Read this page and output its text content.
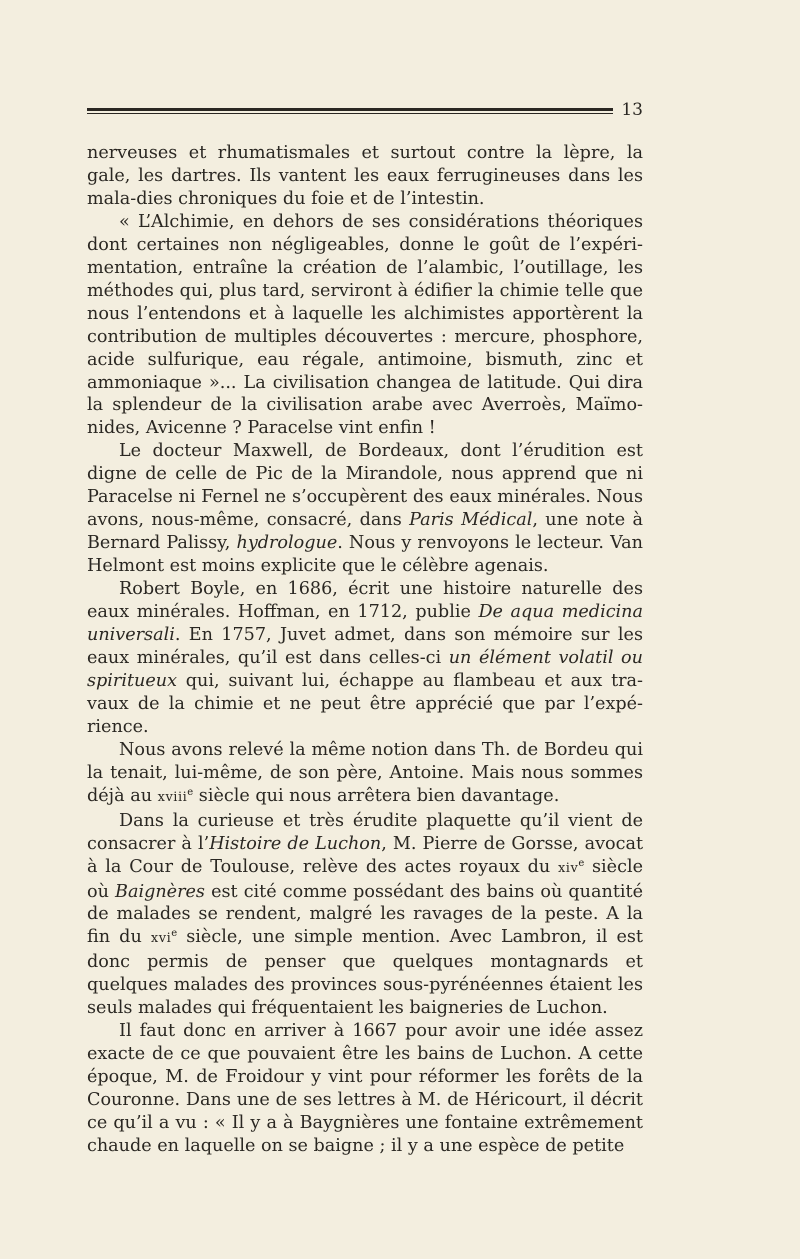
13

nerveuses et rhumatismales et surtout contre la lèpre, la gale, les dartres. Ils vantent les eaux ferrugineuses dans les mala-dies chroniques du foie et de l’intestin.

« L’Alchimie, en dehors de ses considérations théoriques dont certaines non négligeables, donne le goût de l’expéri-mentation, entraîne la création de l’alambic, l’outillage, les méthodes qui, plus tard, serviront à édifier la chimie telle que nous l’entendons et à laquelle les alchimistes apportèrent la contribution de multiples découvertes : mercure, phosphore, acide sulfurique, eau régale, antimoine, bismuth, zinc et ammoniaque »... La civilisation changea de latitude. Qui dira la splendeur de la civilisation arabe avec Averroès, Maïmo-nides, Avicenne ? Paracelse vint enfin !

Le docteur Maxwell, de Bordeaux, dont l’érudition est digne de celle de Pic de la Mirandole, nous apprend que ni Paracelse ni Fernel ne s’occupèrent des eaux minérales. Nous avons, nous-même, consacré, dans Paris Médical, une note à Bernard Palissy, hydrologue. Nous y renvoyons le lecteur. Van Helmont est moins explicite que le célèbre agenais.

Robert Boyle, en 1686, écrit une histoire naturelle des eaux minérales. Hoffman, en 1712, publie De aqua medicina universali. En 1757, Juvet admet, dans son mémoire sur les eaux minérales, qu’il est dans celles-ci un élément volatil ou spiritueux qui, suivant lui, échappe au flambeau et aux tra-vaux de la chimie et ne peut être apprécié que par l’expé-rience.

Nous avons relevé la même notion dans Th. de Bordeu qui la tenait, lui-même, de son père, Antoine. Mais nous sommes déjà au xviii$^e$ siècle qui nous arrêtera bien davantage.

Dans la curieuse et très érudite plaquette qu’il vient de consacrer à l’Histoire de Luchon, M. Pierre de Gorsse, avocat à la Cour de Toulouse, relève des actes royaux du xiv$^e$ siècle où Baignères est cité comme possédant des bains où quantité de malades se rendent, malgré les ravages de la peste. A la fin du xvi$^e$ siècle, une simple mention. Avec Lambron, il est donc permis de penser que quelques montagnards et quelques malades des provinces sous-pyrénéennes étaient les seuls malades qui fréquentaient les baigneries de Luchon.

Il faut donc en arriver à 1667 pour avoir une idée assez exacte de ce que pouvaient être les bains de Luchon. A cette époque, M. de Froidour y vint pour réformer les forêts de la Couronne. Dans une de ses lettres à M. de Héricourt, il décrit ce qu’il a vu : « Il y a à Baygnières une fontaine extrêmement chaude en laquelle on se baigne ; il y a une espèce de petite
